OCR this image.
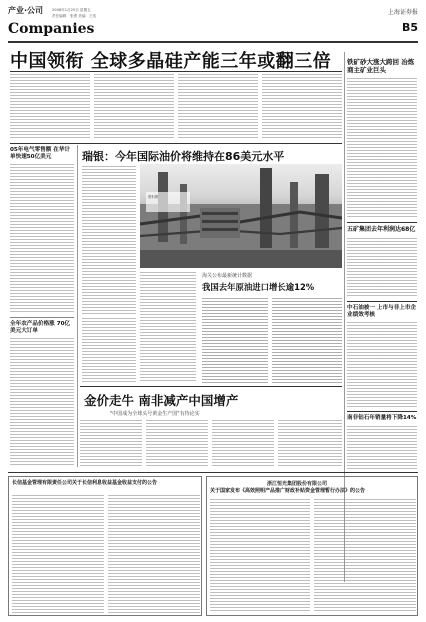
产业·公司 2008年1月25日 星期五
责任编辑：张勇 美编：王奕	上海证券报
Companies	B5
中国领衔 全球多晶硅产能三年或翻三倍	铁矿砂大涨大跨回 冶炼商主矿业巨头
05年电气零售额 在华计单快速50亿美元
全年农产品价格涨 70亿美元大订单
瑞银：今年国际油价将维持在86美元水平
资料图
海关公布最新统计数据
我国去年原油进口增长逾12%
金价走牛 南非减产中国增产
"中国成为全球头号黄金生产国"有待论实
五矿集团去年利润达68亿
中石油被一 上市与非上市企业绩效考核
南非钻石年销量将下降14%
长信基金管理有限责任公司关于长信利息收益基金收益支付的公告	浙江恒光集团股份有限公司
关于国家发布《高效照明产品推广财政补贴资金管理暂行办法》的公告
